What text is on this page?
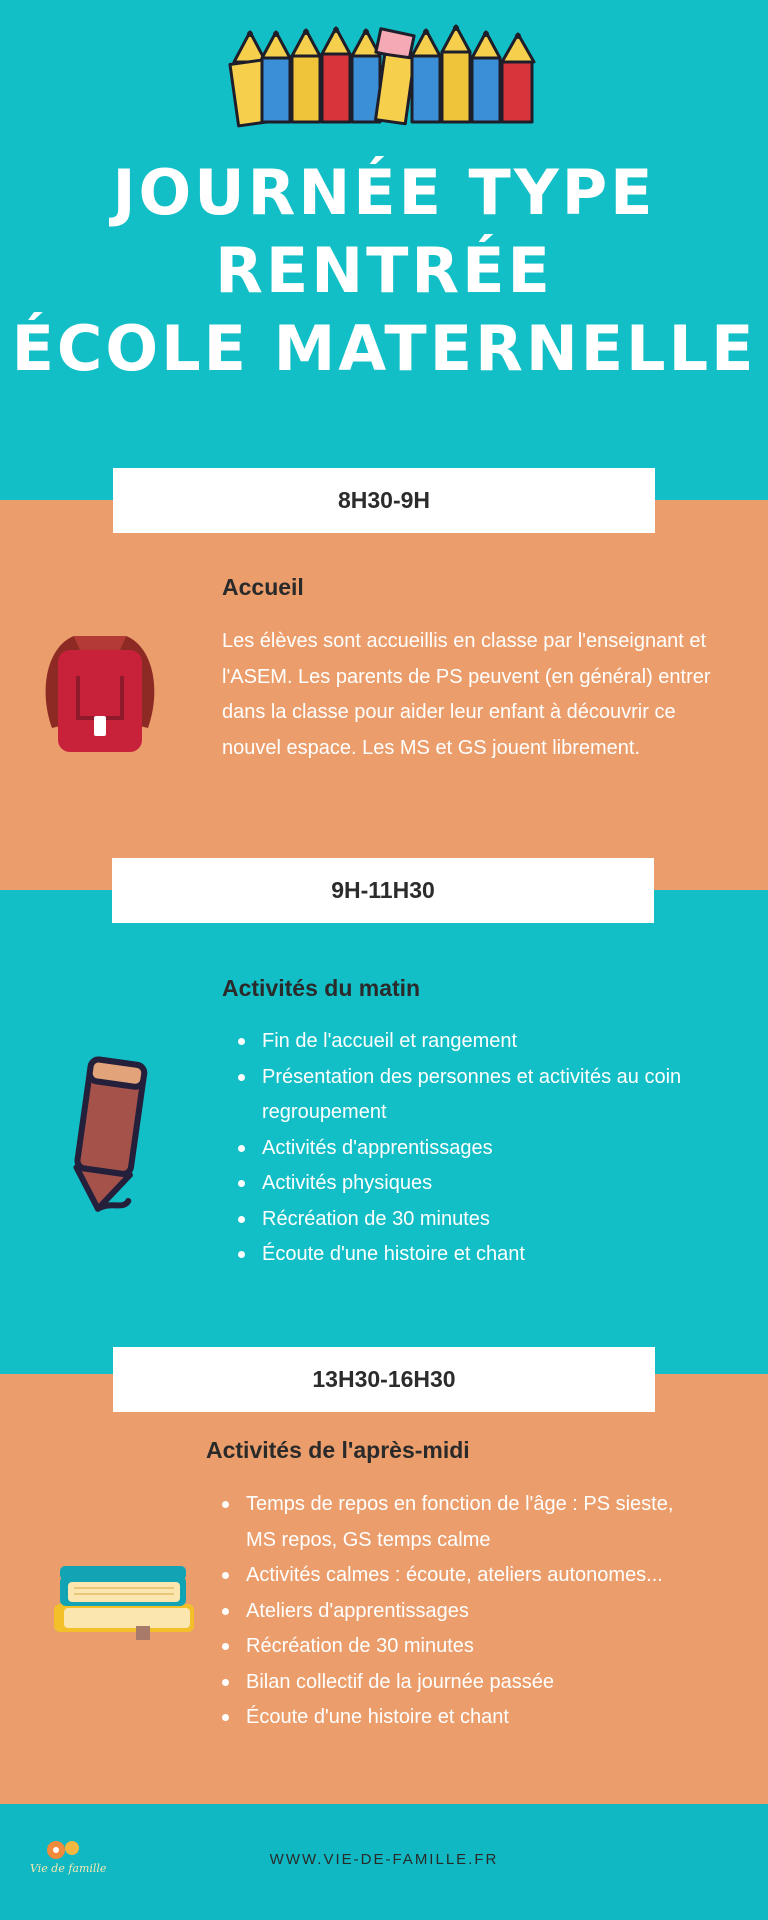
JOURNÉE TYPE
RENTRÉE
ÉCOLE MATERNELLE
8H30-9H
Accueil
Les élèves sont accueillis en classe par l'enseignant et l'ASEM. Les parents de PS peuvent (en général) entrer dans la classe pour aider leur enfant à découvrir ce nouvel espace. Les MS et GS jouent librement.
9H-11H30
Activités du matin
Fin de l'accueil et rangement
Présentation des personnes et activités au coin regroupement
Activités d'apprentissages
Activités physiques
Récréation de 30 minutes
Écoute d'une histoire et chant
13H30-16H30
Activités de l'après-midi
Temps de repos en fonction de l'âge : PS sieste, MS repos, GS temps calme
Activités calmes : écoute, ateliers autonomes...
Ateliers d'apprentissages
Récréation de 30 minutes
Bilan collectif de la journée passée
Écoute d'une histoire et chant
Vie de famille
WWW.VIE-DE-FAMILLE.FR
